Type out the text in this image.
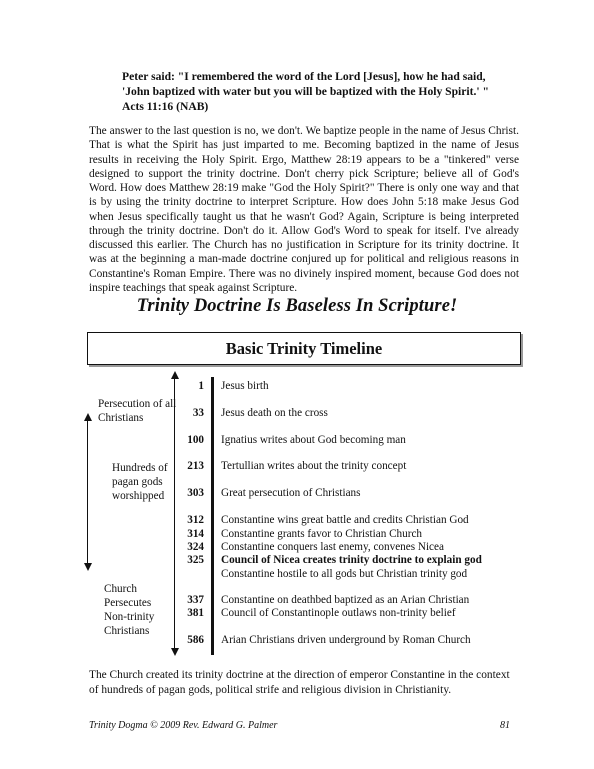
Peter said: "I remembered the word of the Lord [Jesus], how he had said, 'John baptized with water but you will be baptized with the Holy Spirit.' " Acts 11:16 (NAB)
The answer to the last question is no, we don't. We baptize people in the name of Jesus Christ. That is what the Spirit has just imparted to me. Becoming baptized in the name of Jesus results in receiving the Holy Spirit. Ergo, Matthew 28:19 appears to be a "tinkered" verse designed to support the trinity doctrine. Don't cherry pick Scripture; believe all of God's Word. How does Matthew 28:19 make "God the Holy Spirit?" There is only one way and that is by using the trinity doctrine to interpret Scripture. How does John 5:18 make Jesus God when Jesus specifically taught us that he wasn't God? Again, Scripture is being interpreted through the trinity doctrine. Don't do it. Allow God's Word to speak for itself. I've already discussed this earlier. The Church has no justification in Scripture for its trinity doctrine. It was at the beginning a man-made doctrine conjured up for political and religious reasons in Constantine's Roman Empire. There was no divinely inspired moment, because God does not inspire teachings that speak against Scripture.
Trinity Doctrine Is Baseless In Scripture!
Basic Trinity Timeline
Persecution of all Christians
Hundreds of pagan gods worshipped
Church Persecutes Non-trinity Christians
1 Jesus birth
33 Jesus death on the cross
100 Ignatius writes about God becoming man
213 Tertullian writes about the trinity concept
303 Great persecution of Christians
312 Constantine wins great battle and credits Christian God
314 Constantine grants favor to Christian Church
324 Constantine conquers last enemy, convenes Nicea
325 Council of Nicea creates trinity doctrine to explain god
Constantine hostile to all gods but Christian trinity god
337 Constantine on deathbed baptized as an Arian Christian
381 Council of Constantinople outlaws non-trinity belief
586 Arian Christians driven underground by Roman Church
The Church created its trinity doctrine at the direction of emperor Constantine in the context of hundreds of pagan gods, political strife and religious division in Christianity.
Trinity Dogma © 2009 Rev. Edward G. Palmer	81
